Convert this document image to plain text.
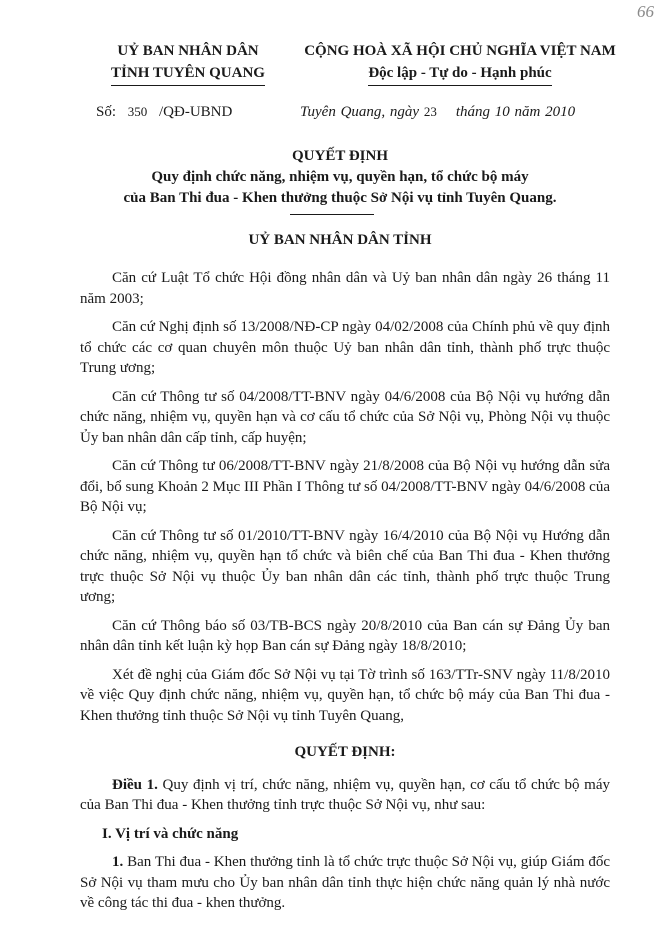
66
UỶ BAN NHÂN DÂN
TỈNH TUYÊN QUANG
CỘNG HOÀ XÃ HỘI CHỦ NGHĨA VIỆT NAM
Độc lập - Tự do - Hạnh phúc
Số: 350 /QĐ-UBND	Tuyên Quang, ngày 23 tháng 10 năm 2010
QUYẾT ĐỊNH
Quy định chức năng, nhiệm vụ, quyền hạn, tổ chức bộ máy
của Ban Thi đua - Khen thưởng thuộc Sở Nội vụ tỉnh Tuyên Quang.
UỶ BAN NHÂN DÂN TỈNH

Căn cứ Luật Tổ chức Hội đồng nhân dân và Uỷ ban nhân dân ngày 26 tháng 11 năm 2003;

Căn cứ Nghị định số 13/2008/NĐ-CP ngày 04/02/2008 của Chính phủ về quy định tổ chức các cơ quan chuyên môn thuộc Uỷ ban nhân dân tỉnh, thành phố trực thuộc Trung ương;

Căn cứ Thông tư số 04/2008/TT-BNV ngày 04/6/2008 của Bộ Nội vụ hướng dẫn chức năng, nhiệm vụ, quyền hạn và cơ cấu tổ chức của Sở Nội vụ, Phòng Nội vụ thuộc Ủy ban nhân dân cấp tỉnh, cấp huyện;

Căn cứ Thông tư 06/2008/TT-BNV ngày 21/8/2008 của Bộ Nội vụ hướng dẫn sửa đổi, bổ sung Khoản 2 Mục III Phần I Thông tư số 04/2008/TT-BNV ngày 04/6/2008 của Bộ Nội vụ;

Căn cứ Thông tư số 01/2010/TT-BNV ngày 16/4/2010 của Bộ Nội vụ Hướng dẫn chức năng, nhiệm vụ, quyền hạn tổ chức và biên chế của Ban Thi đua - Khen thưởng trực thuộc Sở Nội vụ thuộc Ủy ban nhân dân các tỉnh, thành phố trực thuộc Trung ương;

Căn cứ Thông báo số 03/TB-BCS ngày 20/8/2010 của Ban cán sự Đảng Ủy ban nhân dân tỉnh kết luận kỳ họp Ban cán sự Đảng ngày 18/8/2010;

Xét đề nghị của Giám đốc Sở Nội vụ tại Tờ trình số 163/TTr-SNV ngày 11/8/2010 về việc Quy định chức năng, nhiệm vụ, quyền hạn, tổ chức bộ máy của Ban Thi đua - Khen thưởng tỉnh thuộc Sở Nội vụ tỉnh Tuyên Quang,

QUYẾT ĐỊNH:

Điều 1. Quy định vị trí, chức năng, nhiệm vụ, quyền hạn, cơ cấu tổ chức bộ máy của Ban Thi đua - Khen thưởng tỉnh trực thuộc Sở Nội vụ, như sau:

I. Vị trí và chức năng

1. Ban Thi đua - Khen thưởng tỉnh là tổ chức trực thuộc Sở Nội vụ, giúp Giám đốc Sở Nội vụ tham mưu cho Ủy ban nhân dân tỉnh thực hiện chức năng quản lý nhà nước về công tác thi đua - khen thưởng.
